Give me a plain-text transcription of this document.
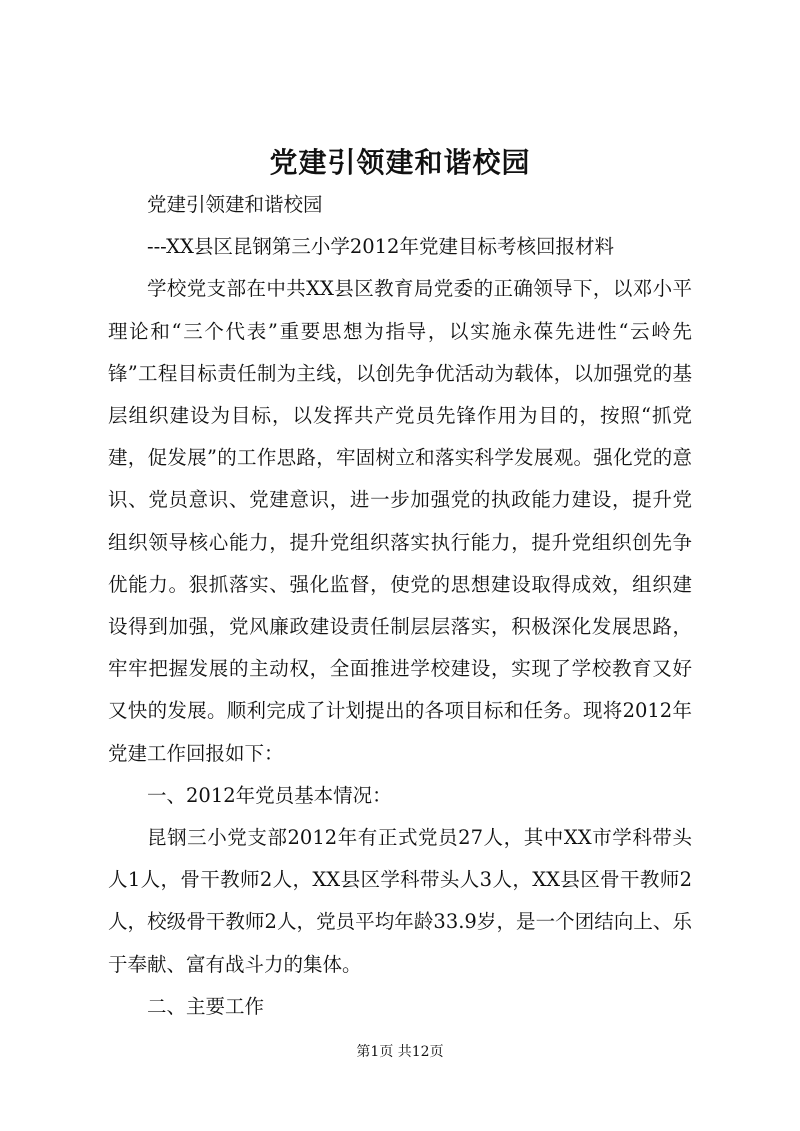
党建引领建和谐校园

党建引领建和谐校园

---XX县区昆钢第三小学2012年党建目标考核回报材料

学校党支部在中共XX县区教育局党委的正确领导下，以邓小平理论和“三个代表”重要思想为指导，以实施永葆先进性“云岭先锋”工程目标责任制为主线，以创先争优活动为载体，以加强党的基层组织建设为目标，以发挥共产党员先锋作用为目的，按照“抓党建，促发展”的工作思路，牢固树立和落实科学发展观。强化党的意识、党员意识、党建意识，进一步加强党的执政能力建设，提升党组织领导核心能力，提升党组织落实执行能力，提升党组织创先争优能力。狠抓落实、强化监督，使党的思想建设取得成效，组织建设得到加强，党风廉政建设责任制层层落实，积极深化发展思路，牢牢把握发展的主动权，全面推进学校建设，实现了学校教育又好又快的发展。顺利完成了计划提出的各项目标和任务。现将2012年党建工作回报如下：

一、2012年党员基本情况：

昆钢三小党支部2012年有正式党员27人，其中XX市学科带头人1人，骨干教师2人，XX县区学科带头人3人，XX县区骨干教师2人，校级骨干教师2人，党员平均年龄33.9岁，是一个团结向上、乐于奉献、富有战斗力的集体。

二、主要工作

第1页 共12页
